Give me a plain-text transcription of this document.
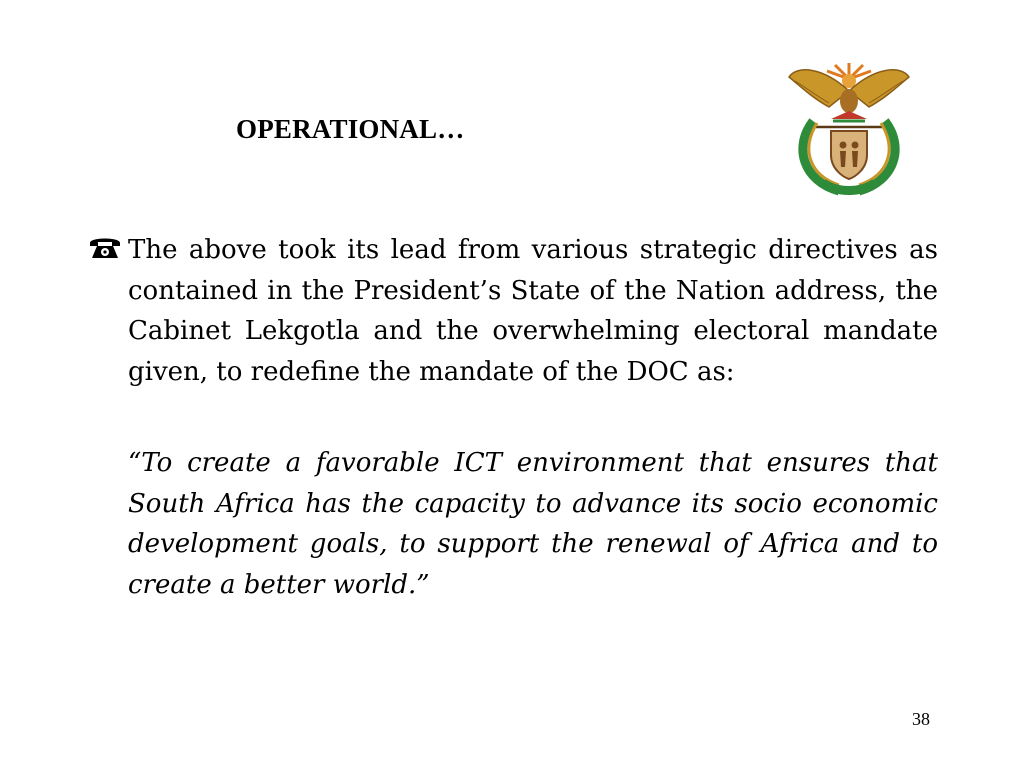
OPERATIONAL…

The above took its lead from various strategic directives as contained in the President’s State of the Nation address, the Cabinet Lekgotla and the overwhelming electoral mandate given, to redefine the mandate of the DOC as:

“To create a favorable ICT environment that ensures that South Africa has the capacity to advance its socio economic development goals, to support the renewal of Africa and to create a better world.”

38
